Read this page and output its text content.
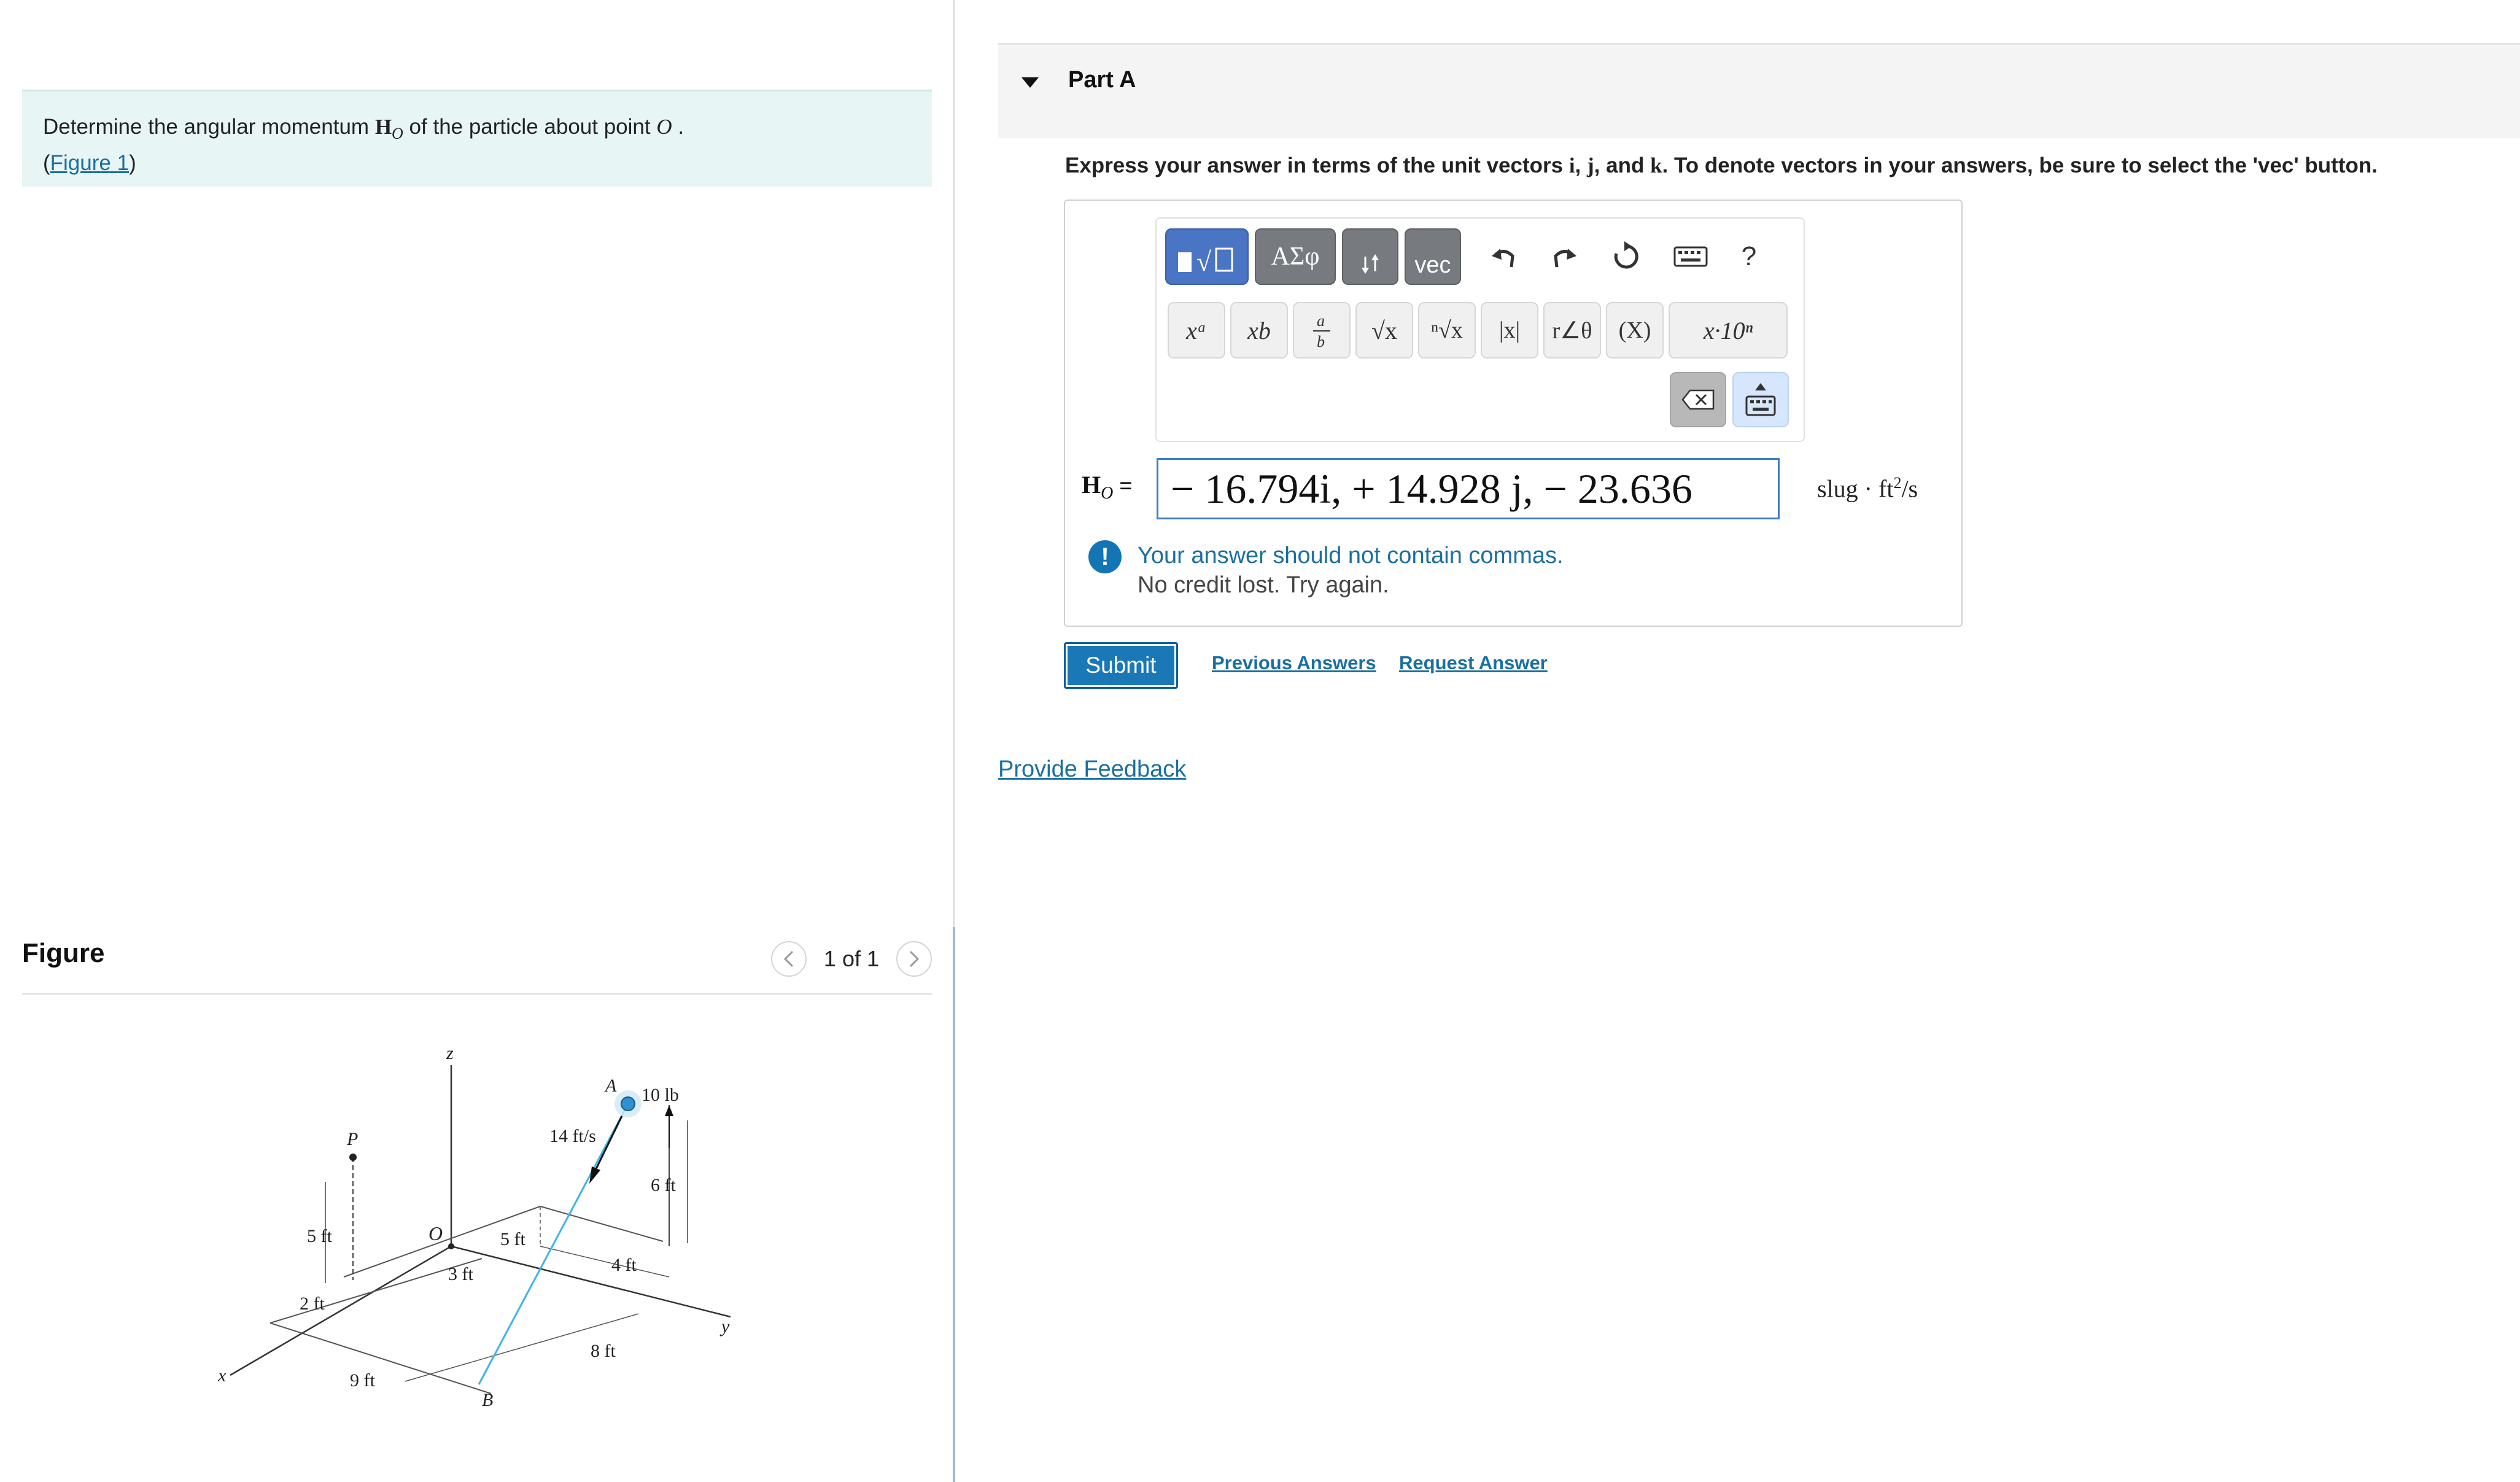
Determine the angular momentum $H_O$ of the particle about point O .
(Figure 1)
Figure	1 of 1
z
x
y
P
O
A
B
10 lb
14 ft/s
6 ft
5 ft	5 ft
3 ft	4 ft
2 ft
9 ft
8 ft
Part A
Express your answer in terms of the unit vectors i, j, and k. To denote vectors in your answers, be sure to select the 'vec' button.
√	ΑΣφ	vec	?
xᵃ	xb	a
b	√x	ⁿ√x	|x|	r∠θ	(X)	x·10ⁿ
$H_O$ = − 16.794i, + 14.928 j, − 23.636	slug · $ft^2/s$
!	Your answer should not contain commas.
No credit lost. Try again.
Submit	Previous Answers Request Answer
Provide Feedback
